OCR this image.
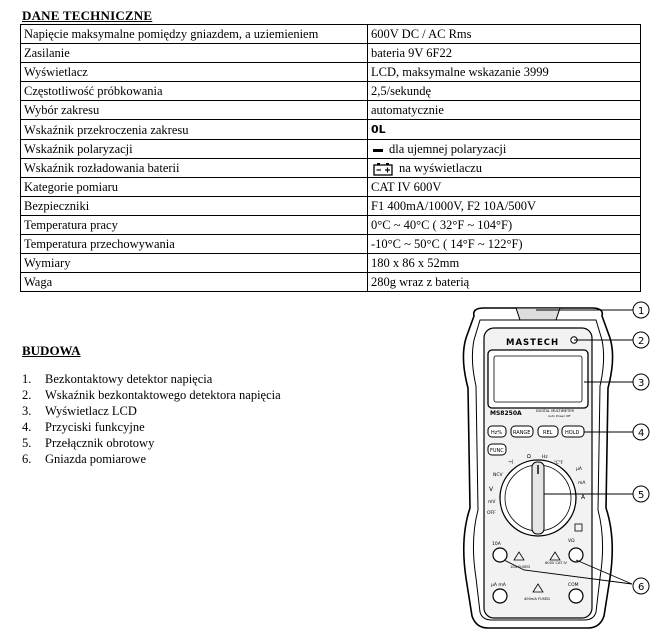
DANE TECHNICZNE
Napięcie maksymalne pomiędzy gniazdem, a uziemieniem	600V DC / AC Rms
Zasilanie	bateria 9V 6F22
Wyświetlacz	LCD, maksymalne wskazanie 3999
Częstotliwość próbkowania	2,5/sekundę
Wybór zakresu	automatycznie
Wskaźnik przekroczenia zakresu	0L
Wskaźnik polaryzacji	dla ujemnej polaryzacji
Wskaźnik rozładowania baterii	na wyświetlaczu
Kategorie pomiaru	CAT IV 600V
Bezpieczniki	F1 400mA/1000V, F2 10A/500V
Temperatura pracy	0°C ~ 40°C ( 32°F ~ 104°F)
Temperatura przechowywania	-10°C ~ 50°C ( 14°F ~ 122°F)
Wymiary	180 x 86 x 52mm
Waga	280g wraz z baterią
BUDOWA
1.	Bezkontaktowy detektor napięcia
2.	Wskaźnik bezkontaktowego detektora napięcia
3.	Wyświetlacz LCD
4.	Przyciski funkcyjne
5.	Przełącznik obrotowy
6.	Gniazda pomiarowe
MASTECH
MS8250A	DIGITAL MULTIMETER
Auto Power Off
Hz% RANGE	REL	HOLD
FUNC
NCV
V
mV
OFF
→|
Ω Hz
°C°F
µA
mA
A
10A
10A FUSED
600V CAT IV
VΩ
µA mA	COM
400mA FUSED
1
2
3
4
5
6
